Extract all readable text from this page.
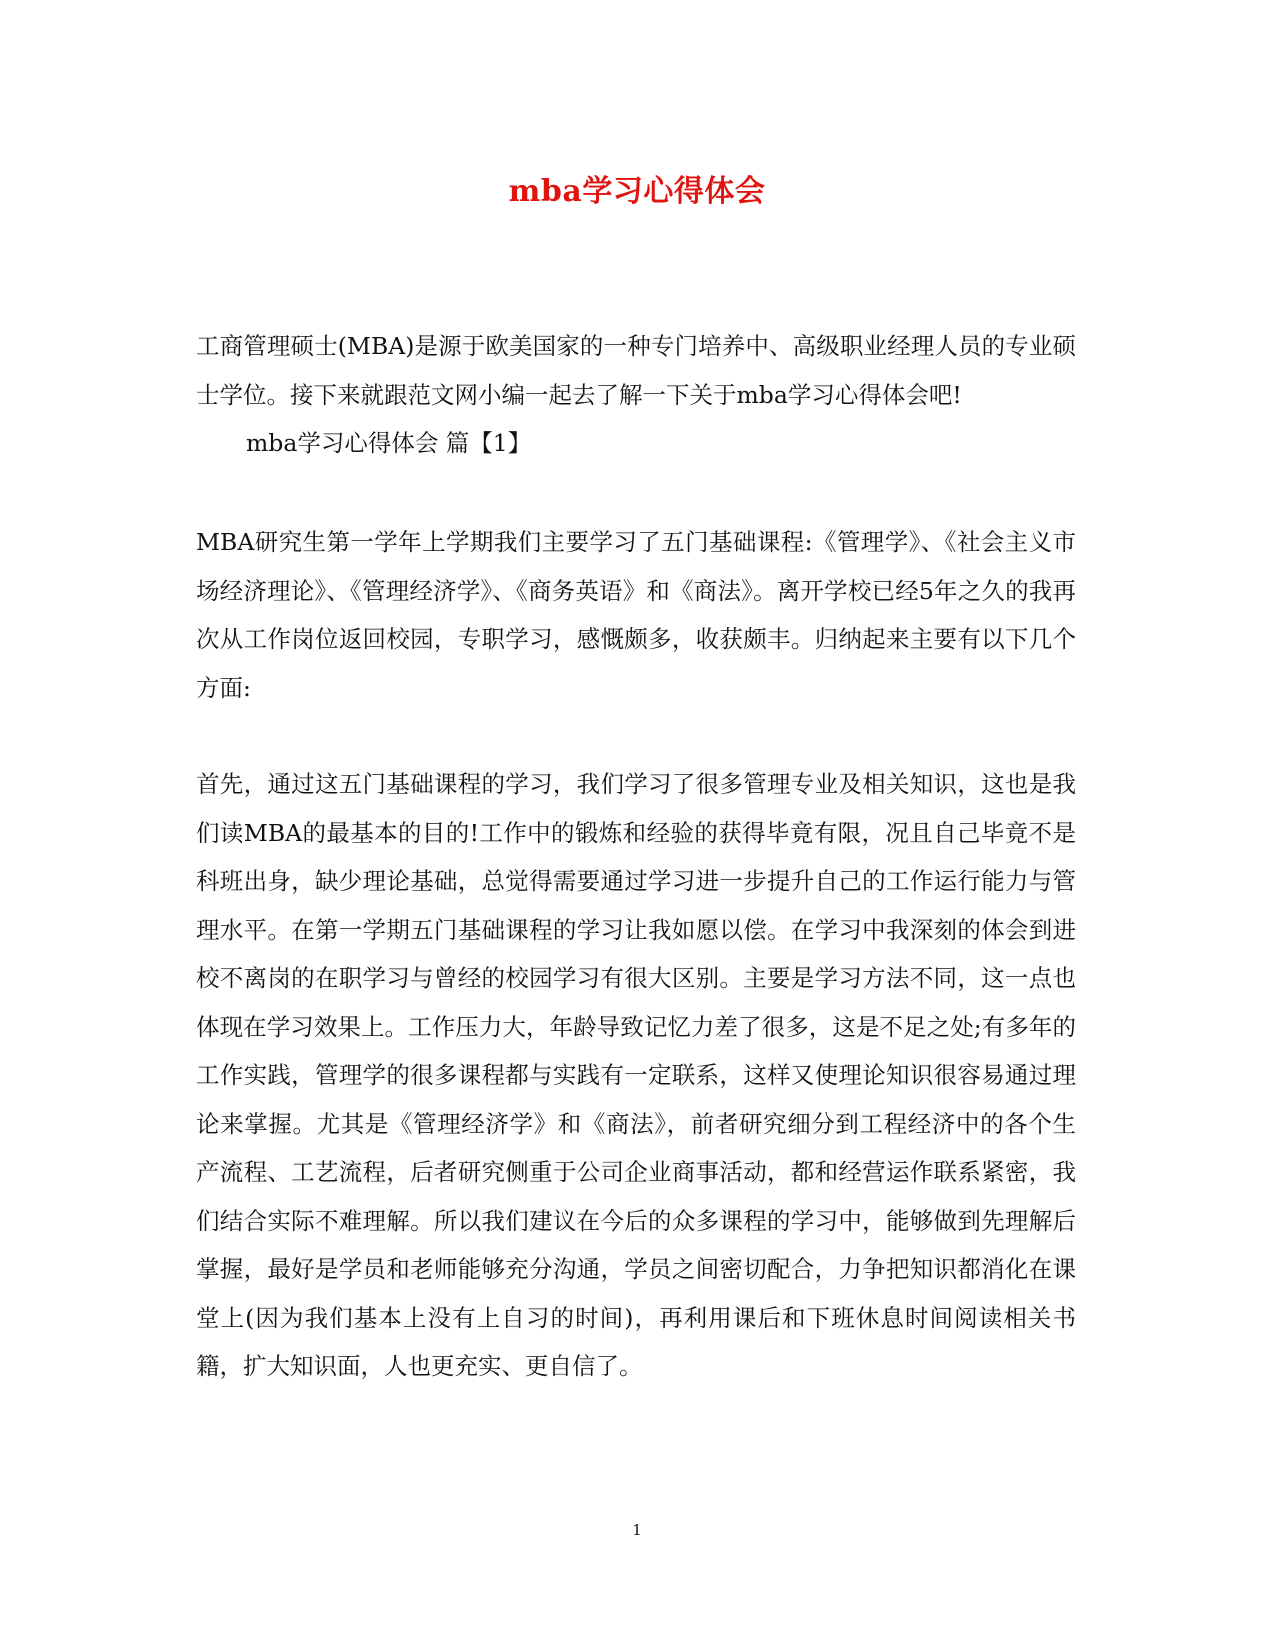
mba学习心得体会

工商管理硕士(MBA)是源于欧美国家的一种专门培养中、高级职业经理人员的专业硕士学位。接下来就跟范文网小编一起去了解一下关于mba学习心得体会吧!

mba学习心得体会 篇【1】

MBA研究生第一学年上学期我们主要学习了五门基础课程:《管理学》、《社会主义市场经济理论》、《管理经济学》、《商务英语》和《商法》。离开学校已经5年之久的我再次从工作岗位返回校园，专职学习，感慨颇多，收获颇丰。归纳起来主要有以下几个方面:

首先，通过这五门基础课程的学习，我们学习了很多管理专业及相关知识，这也是我们读MBA的最基本的目的!工作中的锻炼和经验的获得毕竟有限，况且自己毕竟不是科班出身，缺少理论基础，总觉得需要通过学习进一步提升自己的工作运行能力与管理水平。在第一学期五门基础课程的学习让我如愿以偿。在学习中我深刻的体会到进校不离岗的在职学习与曾经的校园学习有很大区别。主要是学习方法不同，这一点也体现在学习效果上。工作压力大，年龄导致记忆力差了很多，这是不足之处;有多年的工作实践，管理学的很多课程都与实践有一定联系，这样又使理论知识很容易通过理论来掌握。尤其是《管理经济学》和《商法》，前者研究细分到工程经济中的各个生产流程、工艺流程，后者研究侧重于公司企业商事活动，都和经营运作联系紧密，我们结合实际不难理解。所以我们建议在今后的众多课程的学习中，能够做到先理解后掌握，最好是学员和老师能够充分沟通，学员之间密切配合，力争把知识都消化在课堂上(因为我们基本上没有上自习的时间)，再利用课后和下班休息时间阅读相关书籍，扩大知识面，人也更充实、更自信了。

1
